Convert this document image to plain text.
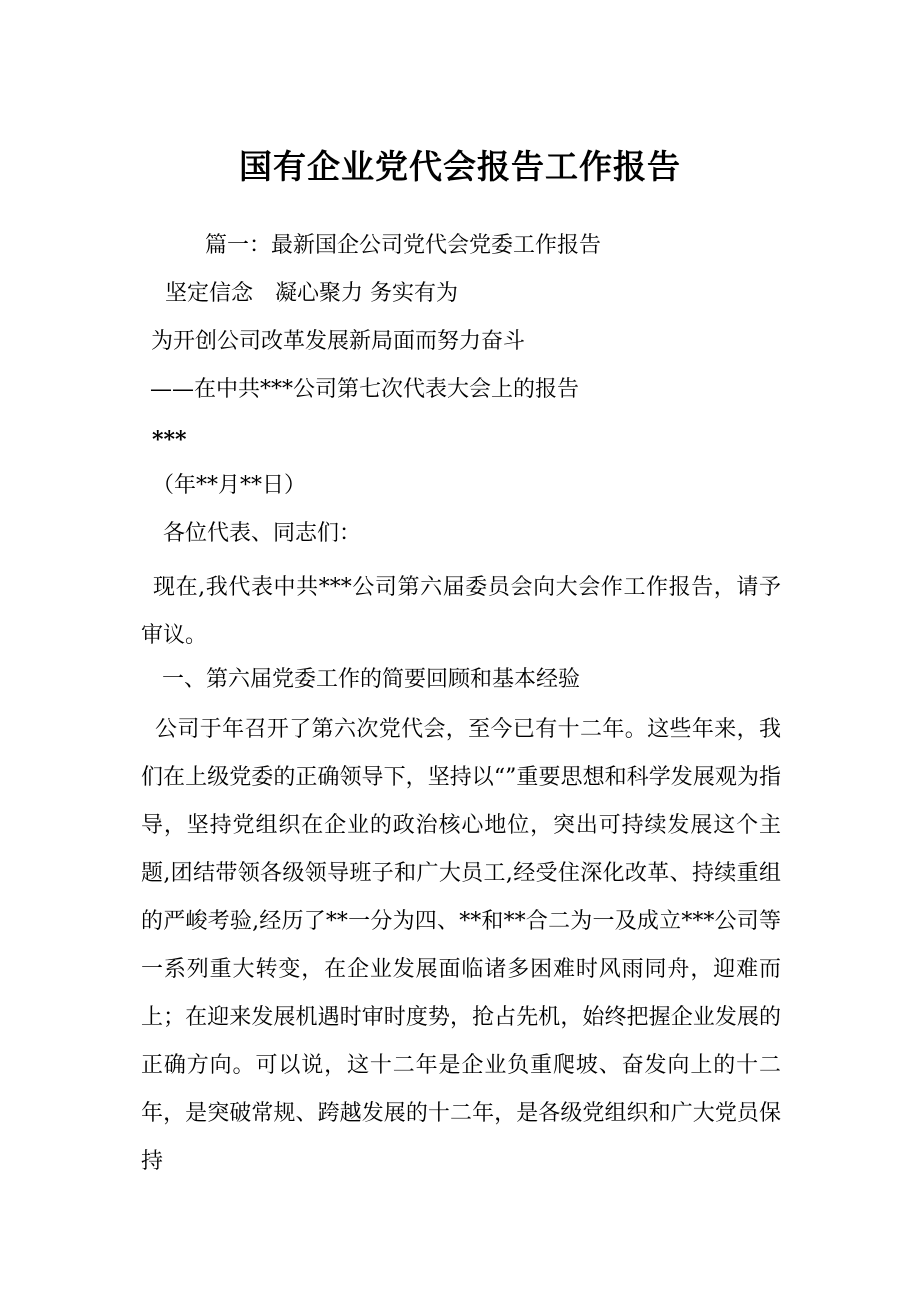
国有企业党代会报告工作报告
篇一：最新国企公司党代会党委工作报告
坚定信念　凝心聚力 务实有为
为开创公司改革发展新局面而努力奋斗
——在中共***公司第七次代表大会上的报告
***
（年**月**日）
各位代表、同志们：
现在,我代表中共***公司第六届委员会向大会作工作报告，请予审议。
一、第六届党委工作的简要回顾和基本经验
公司于年召开了第六次党代会，至今已有十二年。这些年来，我们在上级党委的正确领导下，坚持以“”重要思想和科学发展观为指导，坚持党组织在企业的政治核心地位，突出可持续发展这个主题,团结带领各级领导班子和广大员工,经受住深化改革、持续重组的严峻考验,经历了**一分为四、**和**合二为一及成立***公司等一系列重大转变，在企业发展面临诸多困难时风雨同舟，迎难而上；在迎来发展机遇时审时度势，抢占先机，始终把握企业发展的正确方向。可以说，这十二年是企业负重爬坡、奋发向上的十二年，是突破常规、跨越发展的十二年，是各级党组织和广大党员保持
